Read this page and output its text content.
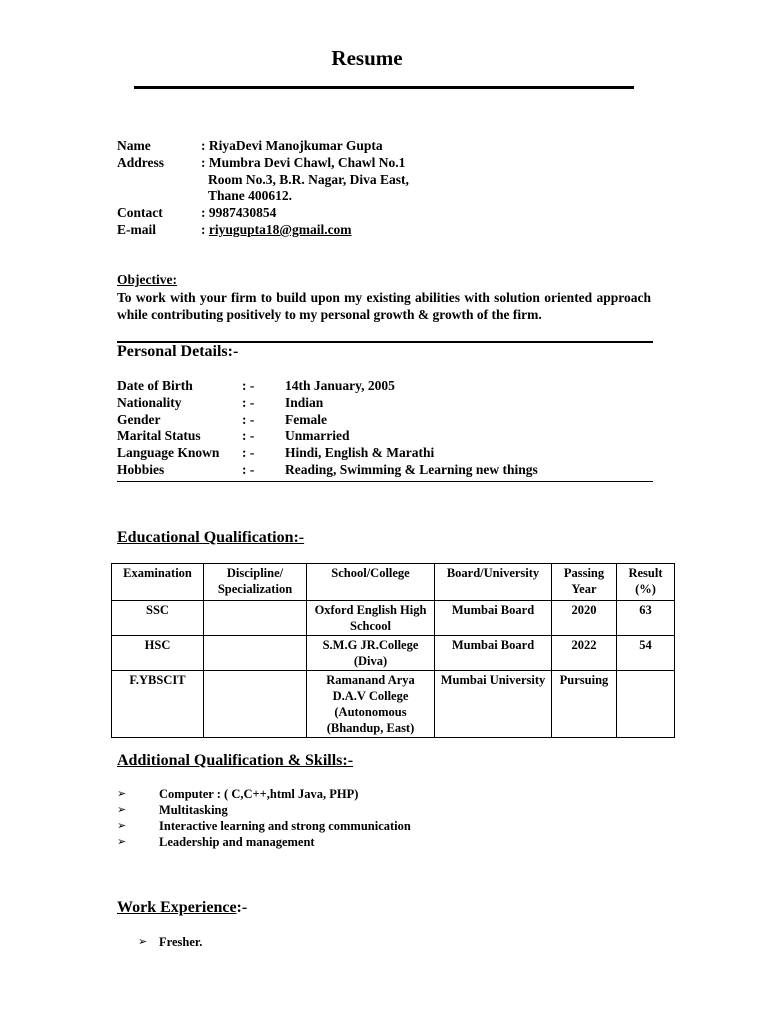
Resume
Name	: RiyaDevi Manojkumar Gupta
Address	: Mumbra Devi Chawl, Chawl No.1
Room No.3, B.R. Nagar, Diva East,
Thane 400612.
Contact	: 9987430854
E-mail	: riyugupta18@gmail.com
Objective:
To work with your firm to build upon my existing abilities with solution oriented approach while contributing positively to my personal growth & growth of the firm.
Personal Details:-
Date of Birth	: -	14th January, 2005
Nationality	: -	Indian
Gender	: -	Female
Marital Status	: -	Unmarried
Language Known	: -	Hindi, English & Marathi
Hobbies	: -	Reading, Swimming & Learning new things
Educational Qualification:-
Examination	Discipline/ Specialization	School/College	Board/University	Passing Year	Result (%)
SSC		Oxford English High Schcool	Mumbai Board	2020	63
HSC		S.M.G JR.College (Diva)	Mumbai Board	2022	54
F.YBSCIT		Ramanand Arya D.A.V College (Autonomous (Bhandup, East)	Mumbai University	Pursuing	
Additional Qualification & Skills:-
➢	Computer : ( C,C++,html Java, PHP)
➢	Multitasking
➢	Interactive learning and strong communication
➢	Leadership and management
Work Experience:-
➢ Fresher.
